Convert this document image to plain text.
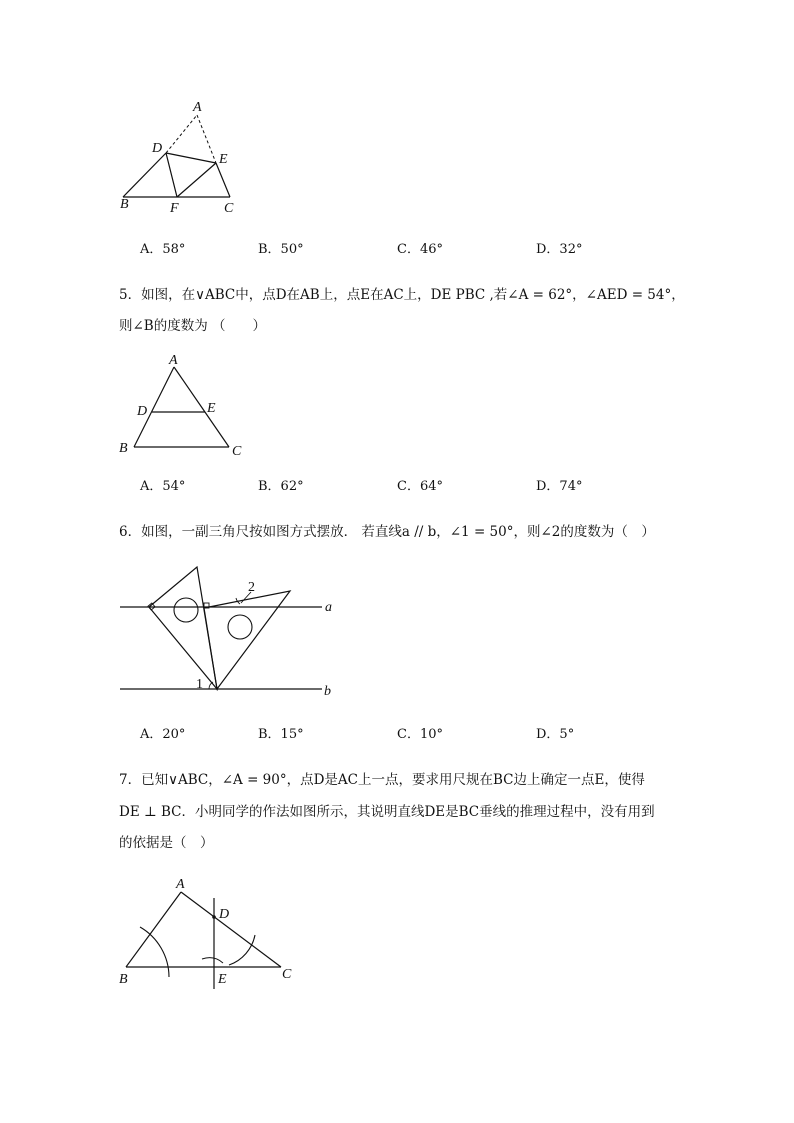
A
D
E
B	F	C
A．58°	B．50°	C．46°	D．32°
5．如图，在∨ABC中，点D在AB上，点E在AC上，DE PBC ,若∠A = 62°，∠AED = 54°，
则∠B的度数为 （　　）
A
D	E
B	C
A．54°	B．62°	C．64°	D．74°
6．如图，一副三角尺按如图方式摆放． 若直线a // b，∠1 = 50°，则∠2的度数为（　）
2
1
a
b
A．20°	B．15°	C．10°	D．5°
7．已知∨ABC，∠A = 90°，点D是AC上一点，要求用尺规在BC边上确定一点E，使得
DE ⊥ BC．小明同学的作法如图所示，其说明直线DE是BC垂线的推理过程中，没有用到
的依据是（　）
A
D
B	E	C
